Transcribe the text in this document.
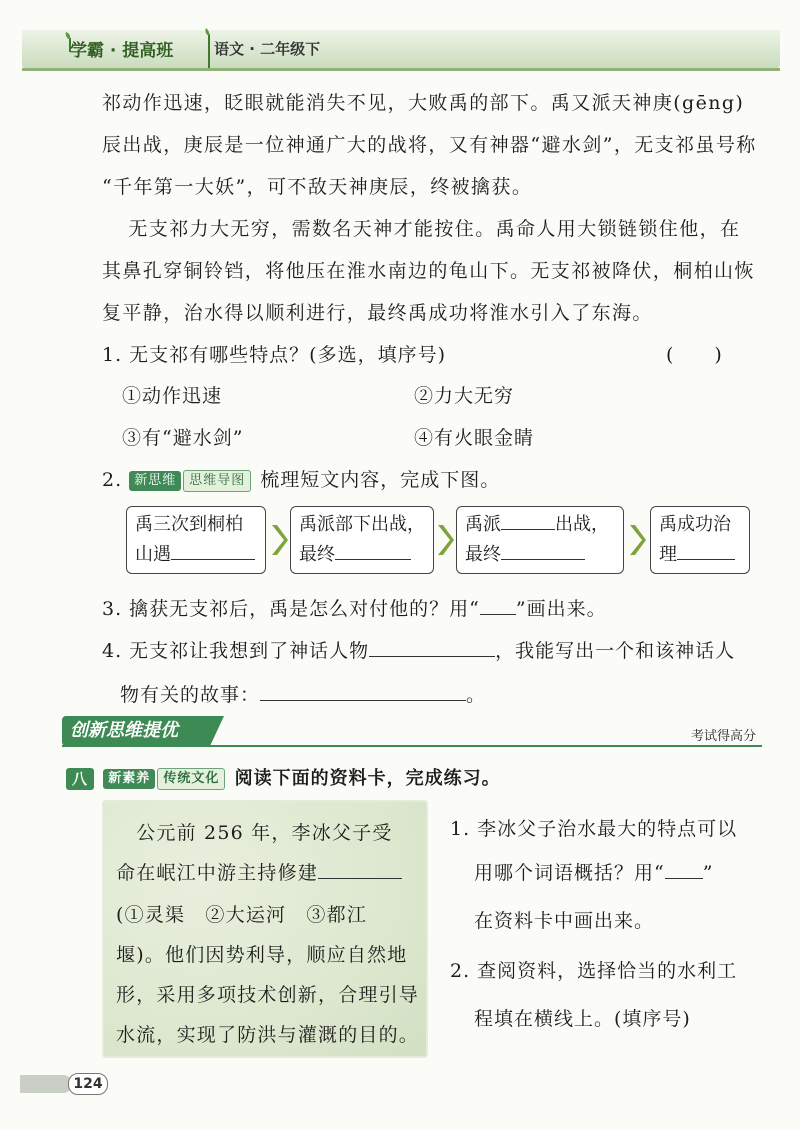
学霸 · 提高班	语文 · 二年级下
祁动作迅速，眨眼就能消失不见，大败禹的部下。禹又派天神庚(gēng)
辰出战，庚辰是一位神通广大的战将，又有神器“避水剑”，无支祁虽号称
“千年第一大妖”，可不敌天神庚辰，终被擒获。
　无支祁力大无穷，需数名天神才能按住。禹命人用大锁链锁住他，在
其鼻孔穿铜铃铛，将他压在淮水南边的龟山下。无支祁被降伏，桐柏山恢
复平静，治水得以顺利进行，最终禹成功将淮水引入了东海。
1. 无支祁有哪些特点？(多选，填序号)	(　　)
①动作迅速	②力大无穷
③有“避水剑”	④有火眼金睛
2. 新思维 思维导图 梳理短文内容，完成下图。
禹三次到桐柏
山遇
禹派部下出战，
最终
禹派	出战，
最终
禹成功治
理
3. 擒获无支祁后，禹是怎么对付他的？用“ ”画出来。
4. 无支祁让我想到了神话人物	，我能写出一个和该神话人
物有关的故事：	。
创新思维提优	考试得高分
八 新素养 传统文化 阅读下面的资料卡，完成练习。
　公元前 256 年，李冰父子受
命在岷江中游主持修建
(①灵渠　②大运河　③都江
堰)。他们因势利导，顺应自然地
形，采用多项技术创新，合理引导
水流，实现了防洪与灌溉的目的。
1. 李冰父子治水最大的特点可以
用哪个词语概括？用“ ”
在资料卡中画出来。
2. 查阅资料，选择恰当的水利工
程填在横线上。(填序号)
124
